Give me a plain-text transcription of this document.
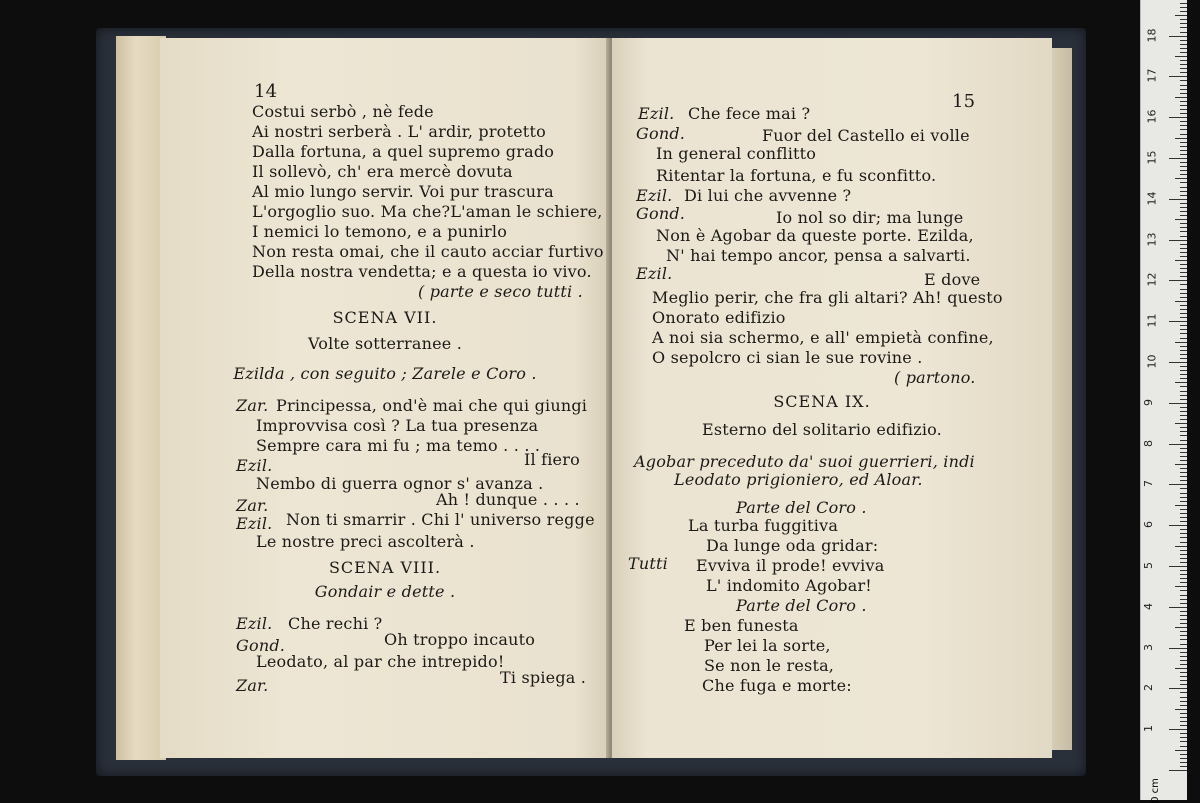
14
Costui serbò , nè fede
Ai nostri serberà . L' ardir, protetto
Dalla fortuna, a quel supremo grado
Il sollevò, ch' era mercè dovuta
Al mio lungo servir. Voi pur trascura
L'orgoglio suo. Ma che?L'aman le schiere,
I nemici lo temono, e a punirlo
Non resta omai, che il cauto acciar furtivo
Della nostra vendetta; e a questa io vivo.
( parte e seco tutti .
SCENA VII.
Volte sotterranee .
Ezilda , con seguito ; Zarele e Coro .
Zar. Principessa, ond'è mai che qui giungi
Improvvisa così ? La tua presenza
Sempre cara mi fu ; ma temo . . . .
Ezil.	Il fiero
Nembo di guerra ognor s' avanza .
Zar.	Ah ! dunque . . . .
Ezil. Non ti smarrir . Chi l' universo regge
Le nostre preci ascolterà .
SCENA VIII.
Gondair e dette .
Ezil. Che rechi ?
Gond.	Oh troppo incauto
Leodato, al par che intrepido!
Zar.	Ti spiega .
15
Ezil. Che fece mai ?
Gond.	Fuor del Castello ei volle
In general conflitto
Ritentar la fortuna, e fu sconfitto.
Ezil. Di lui che avvenne ?
Gond.	Io nol so dir; ma lunge
Non è Agobar da queste porte. Ezilda,
N' hai tempo ancor, pensa a salvarti.
Ezil.	E dove
Meglio perir, che fra gli altari? Ah! questo
Onorato edifizio
A noi sia schermo, e all' empietà confine,
O sepolcro ci sian le sue rovine .
( partono.
SCENA IX.
Esterno del solitario edifizio.
Agobar preceduto da' suoi guerrieri, indi
Leodato prigioniero, ed Aloar.
Parte del Coro .
La turba fuggitiva
Da lunge oda gridar:
Tutti Evviva il prode! evviva
L' indomito Agobar!
Parte del Coro .
E ben funesta
Per lei la sorte,
Se non le resta,
Che fuga e morte:
0 cm
1
2
3
4
5
6
7
8
9
10
11
12
13
14
15
16
17
18
